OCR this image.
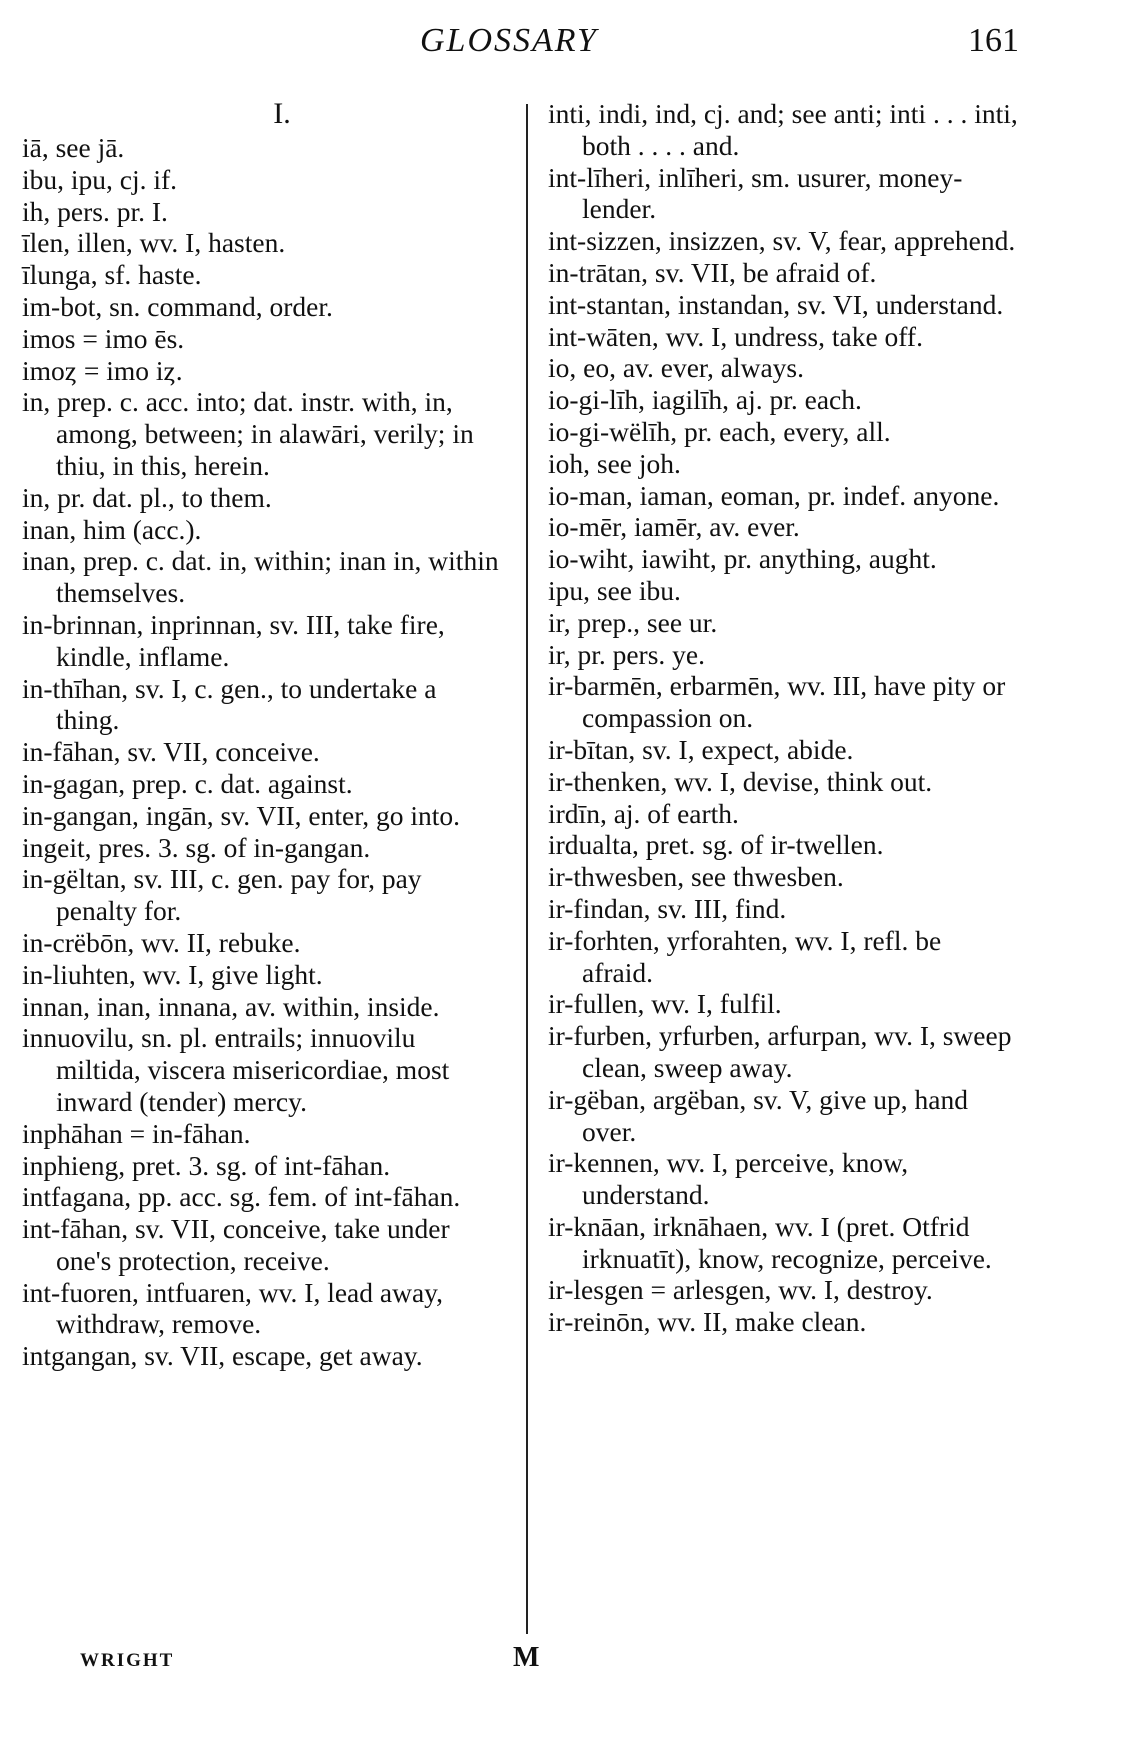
GLOSSARY	161
I.

iā, see jā.

ibu, ipu, cj. if.

ih, pers. pr. I.

īlen, illen, wv. I, hasten.

īlunga, sf. haste.

im-bot, sn. command, order.

imos = imo ēs.

imoȥ = imo iȥ.

in, prep. c. acc. into; dat. instr. with, in, among, between; in alawāri, verily; in thiu, in this, herein.

in, pr. dat. pl., to them.

inan, him (acc.).

inan, prep. c. dat. in, within; inan in, within themselves.

in-brinnan, inprinnan, sv. III, take fire, kindle, inflame.

in-thīhan, sv. I, c. gen., to undertake a thing.

in-fāhan, sv. VII, conceive.

in-gagan, prep. c. dat. against.

in-gangan, ingān, sv. VII, enter, go into.

ingeit, pres. 3. sg. of in-gangan.

in-gëltan, sv. III, c. gen. pay for, pay penalty for.

in-crëbōn, wv. II, rebuke.

in-liuhten, wv. I, give light.

innan, inan, innana, av. within, inside.

innuovilu, sn. pl. entrails; innuovilu miltida, viscera misericordiae, most inward (tender) mercy.

inphāhan = in-fāhan.

inphieng, pret. 3. sg. of int-fāhan.

intfagana, pp. acc. sg. fem. of int-fāhan.

int-fāhan, sv. VII, conceive, take under one's protection, receive.

int-fuoren, intfuaren, wv. I, lead away, withdraw, remove.

intgangan, sv. VII, escape, get away.

inti, indi, ind, cj. and; see anti; inti . . . inti, both . . . . and.

int-līheri, inlīheri, sm. usurer, money-lender.

int-sizzen, insizzen, sv. V, fear, apprehend.

in-trātan, sv. VII, be afraid of.

int-stantan, instandan, sv. VI, understand.

int-wāten, wv. I, undress, take off.

io, eo, av. ever, always.

io-gi-līh, iagilīh, aj. pr. each.

io-gi-wëlīh, pr. each, every, all.

ioh, see joh.

io-man, iaman, eoman, pr. indef. anyone.

io-mēr, iamēr, av. ever.

io-wiht, iawiht, pr. anything, aught.

ipu, see ibu.

ir, prep., see ur.

ir, pr. pers. ye.

ir-barmēn, erbarmēn, wv. III, have pity or compassion on.

ir-bītan, sv. I, expect, abide.

ir-thenken, wv. I, devise, think out.

irdīn, aj. of earth.

irdualta, pret. sg. of ir-twellen.

ir-thwesben, see thwesben.

ir-findan, sv. III, find.

ir-forhten, yrforahten, wv. I, refl. be afraid.

ir-fullen, wv. I, fulfil.

ir-furben, yrfurben, arfurpan, wv. I, sweep clean, sweep away.

ir-gëban, argëban, sv. V, give up, hand over.

ir-kennen, wv. I, perceive, know, understand.

ir-knāan, irknāhaen, wv. I (pret. Otfrid irknuatīt), know, recognize, perceive.

ir-lesgen = arlesgen, wv. I, destroy.

ir-reinōn, wv. II, make clean.

WRIGHT	M
